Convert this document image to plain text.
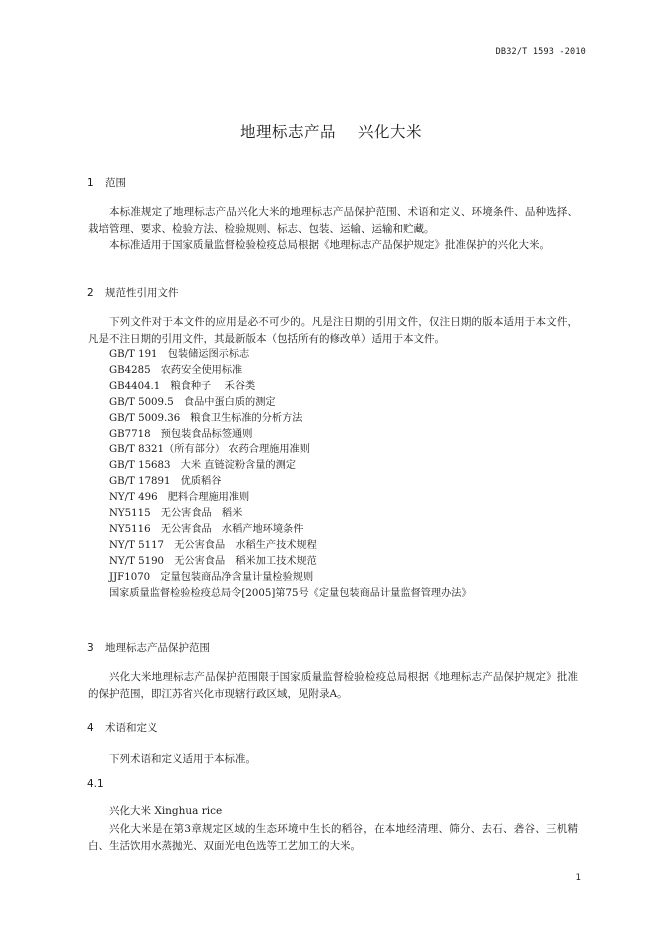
DB32/T 1593 -2010
地理标志产品 兴化大米
1 范围
本标准规定了地理标志产品兴化大米的地理标志产品保护范围、术语和定义、环境条件、品种选择、栽培管理、要求、检验方法、检验规则、标志、包装、运输、运输和贮藏。
本标准适用于国家质量监督检验检疫总局根据《地理标志产品保护规定》批准保护的兴化大米。
2 规范性引用文件
下列文件对于本文件的应用是必不可少的。凡是注日期的引用文件，仅注日期的版本适用于本文件，凡是不注日期的引用文件，其最新版本（包括所有的修改单）适用于本文件。
GB/T 191　包装储运图示标志
GB4285　农药安全使用标准
GB4404.1　粮食种子　 禾谷类
GB/T 5009.5　食品中蛋白质的测定
GB/T 5009.36　粮食卫生标准的分析方法
GB7718　预包装食品标签通则
GB/T 8321（所有部分） 农药合理施用准则
GB/T 15683　大米 直链淀粉含量的测定
GB/T 17891　优质稻谷
NY/T 496　肥料合理施用准则
NY5115　无公害食品　稻米
NY5116　无公害食品　水稻产地环境条件
NY/T 5117　无公害食品　水稻生产技术规程
NY/T 5190　无公害食品　稻米加工技术规范
JJF1070　定量包装商品净含量计量检验规则
国家质量监督检验检疫总局令[2005]第75号《定量包装商品计量监督管理办法》
3 地理标志产品保护范围
兴化大米地理标志产品保护范围限于国家质量监督检验检疫总局根据《地理标志产品保护规定》批准的保护范围，即江苏省兴化市现辖行政区域，见附录A。
4 术语和定义
下列术语和定义适用于本标准。
4.1
兴化大米 Xinghua rice
兴化大米是在第3章规定区域的生态环境中生长的稻谷，在本地经清理、筛分、去石、砻谷、三机精白、生活饮用水蒸抛光、双面光电色选等工艺加工的大米。
1
